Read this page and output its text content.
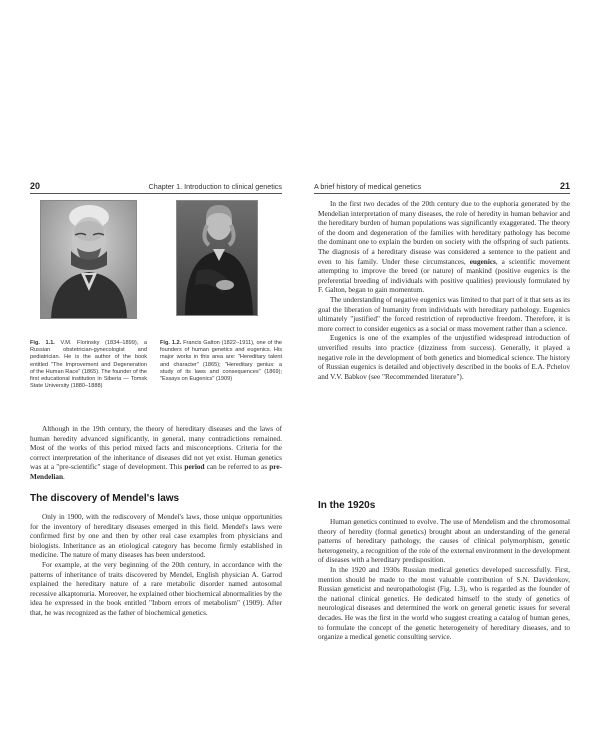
20	Chapter 1. Introduction to clinical genetics
Fig. 1.1. V.M. Florinsky (1834–1899), a Russian obstetrician-gynecologist and pediatrician. He is the author of the book entitled "The Improvement and Degeneration of the Human Race" (1865). The founder of the first educational institution in Siberia — Tomsk State University (1880–1888)
Fig. 1.2. Francis Galton (1822–1911), one of the founders of human genetics and eugenics. His major works in this area are: "Hereditary talent and character" (1865); "Hereditary genius: a study of its laws and consequences" (1869); "Essays on Eugenics" (1909)

Although in the 19th century, the theory of hereditary diseases and the laws of human heredity advanced significantly, in general, many contradictions remained. Most of the works of this period mixed facts and misconceptions. Criteria for the correct interpretation of the inheritance of diseases did not yet exist. Human genetics was at a "pre-scientific" stage of development. This period can be referred to as pre-Mendelian.

The discovery of Mendel's laws

Only in 1900, with the rediscovery of Mendel's laws, those unique opportunities for the inventory of hereditary diseases emerged in this field. Mendel's laws were confirmed first by one and then by other real case examples from physicians and biologists. Inheritance as an etiological category has become firmly established in medicine. The nature of many diseases has been understood.

For example, at the very beginning of the 20th century, in accordance with the patterns of inheritance of traits discovered by Mendel, English physician A. Garrod explained the hereditary nature of a rare metabolic disorder named autosomal recessive alkaptonuria. Moreover, he explained other biochemical abnormalities by the idea he expressed in the book entitled "Inborn errors of metabolism" (1909). After that, he was recognized as the father of biochemical genetics.

A brief history of medical genetics	21

In the first two decades of the 20th century due to the euphoria generated by the Mendelian interpretation of many diseases, the role of heredity in human behavior and the hereditary burden of human populations was significantly exaggerated. The theory of the doom and degeneration of the families with hereditary pathology has become the dominant one to explain the burden on society with the offspring of such patients. The diagnosis of a hereditary disease was considered a sentence to the patient and even to his family. Under these circumstances, eugenics, a scientific movement attempting to improve the breed (or nature) of mankind (positive eugenics is the preferential breeding of individuals with positive qualities) previously formulated by F. Galton, began to gain momentum.

The understanding of negative eugenics was limited to that part of it that sets as its goal the liberation of humanity from individuals with hereditary pathology. Eugenics ultimately "justified" the forced restriction of reproductive freedom. Therefore, it is more correct to consider eugenics as a social or mass movement rather than a science.

Eugenics is one of the examples of the unjustified widespread introduction of unverified results into practice (dizziness from success). Generally, it played a negative role in the development of both genetics and biomedical science. The history of Russian eugenics is detailed and objectively described in the books of E.A. Pchelov and V.V. Babkov (see "Recommended literature").

In the 1920s

Human genetics continued to evolve. The use of Mendelism and the chromosomal theory of heredity (formal genetics) brought about an understanding of the general patterns of hereditary pathology, the causes of clinical polymorphism, genetic heterogeneity, a recognition of the role of the external environment in the development of diseases with a hereditary predisposition.

In the 1920 and 1930s Russian medical genetics developed successfully. First, mention should be made to the most valuable contribution of S.N. Davidenkov, Russian geneticist and neuropathologist (Fig. 1.3), who is regarded as the founder of the national clinical genetics. He dedicated himself to the study of genetics of neurological diseases and determined the work on general genetic issues for several decades. He was the first in the world who suggest creating a catalog of human genes, to formulate the concept of the genetic heterogeneity of hereditary diseases, and to organize a medical genetic consulting service.
